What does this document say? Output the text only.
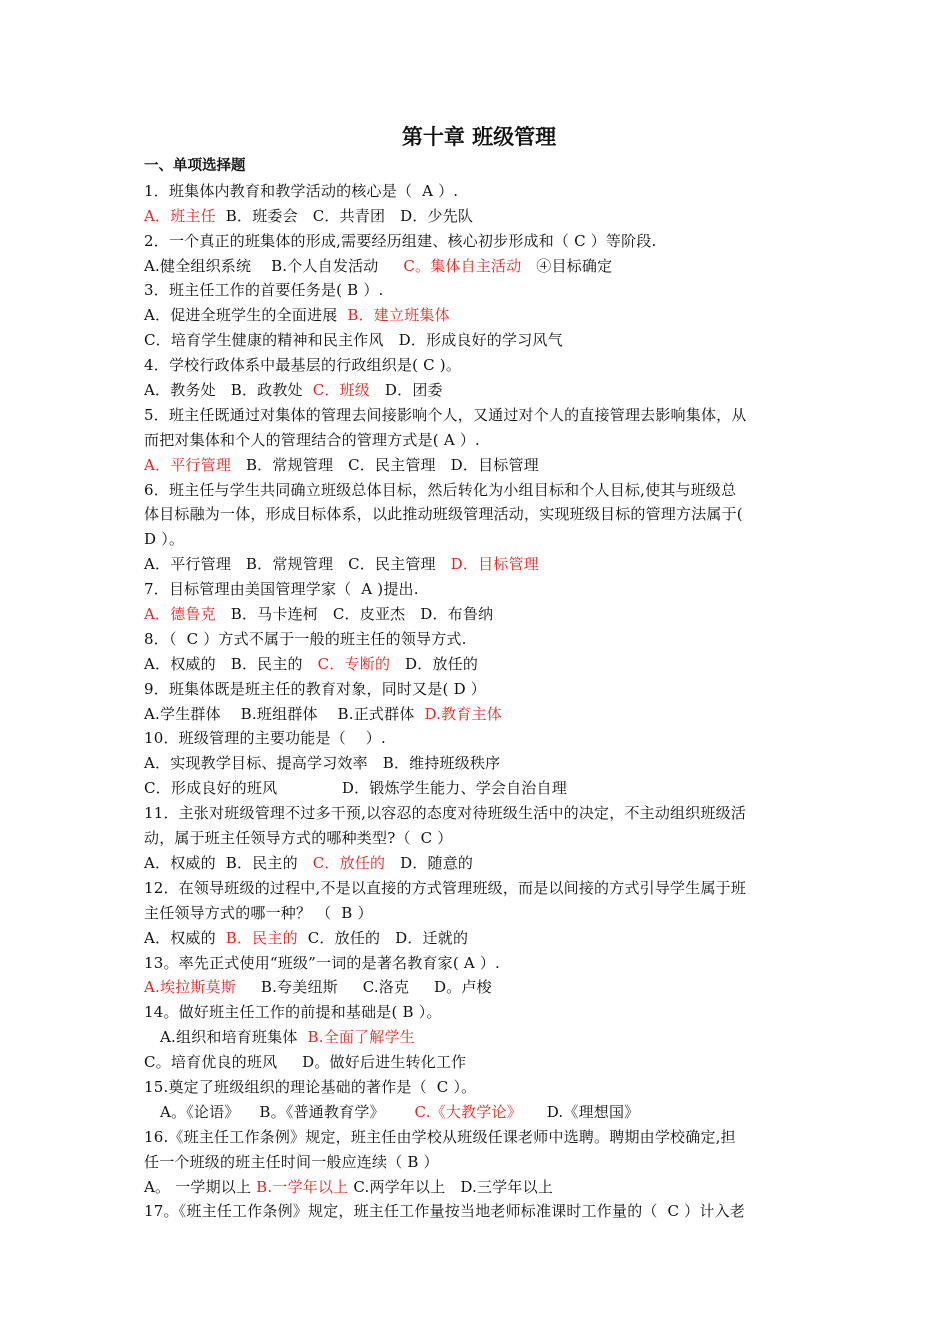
第十章 班级管理
一、单项选择题
1．班集体内教育和教学活动的核心是（  A ）.
A．班主任  B．班委会   C．共青团   D．少先队
2．一个真正的班集体的形成,需要经历组建、核心初步形成和（ C ）等阶段.
A.健全组织系统    B.个人自发活动     C。集体自主活动   ④目标确定
3．班主任工作的首要任务是( B ）.
A．促进全班学生的全面进展  B．建立班集体
C．培育学生健康的精神和民主作风   D．形成良好的学习风气
4．学校行政体系中最基层的行政组织是( C )。
A．教务处   B．政教处  C．班级   D．团委
5．班主任既通过对集体的管理去间接影响个人，又通过对个人的直接管理去影响集体，从
而把对集体和个人的管理结合的管理方式是( A ）.
A．平行管理   B．常规管理   C．民主管理   D．目标管理
6．班主任与学生共同确立班级总体目标，然后转化为小组目标和个人目标,使其与班级总
体目标融为一体，形成目标体系，以此推动班级管理活动，实现班级目标的管理方法属于(
D ）。
A．平行管理   B．常规管理   C．民主管理   D．目标管理
7．目标管理由美国管理学家（  A )提出.
A．德鲁克   B．马卡连柯   C．皮亚杰   D．布鲁纳
8．（  C ）方式不属于一般的班主任的领导方式.
A．权威的   B．民主的   C．专断的   D．放任的
9．班集体既是班主任的教育对象，同时又是( D ）
A.学生群体    B.班组群体    B.正式群体  D.教育主体
10．班级管理的主要功能是（    ）.
A．实现教学目标、提高学习效率   B．维持班级秩序
C．形成良好的班风             D．锻炼学生能力、学会自治自理
11．主张对班级管理不过多干预,以容忍的态度对待班级生活中的决定，不主动组织班级活
动，属于班主任领导方式的哪种类型?（  C ）
A．权威的  B．民主的   C．放任的   D．随意的
12．在领导班级的过程中,不是以直接的方式管理班级，而是以间接的方式引导学生属于班
主任领导方式的哪一种？ （  B ）
A．权威的  B．民主的  C．放任的   D．迁就的
13。率先正式使用“班级”一词的是著名教育家( A ）.
A.埃拉斯莫斯     B.夸美纽斯     C.洛克     D。卢梭
14。做好班主任工作的前提和基础是( B ）。
A.组织和培育班集体  B.全面了解学生
C。培育优良的班风     D。做好后进生转化工作
15.奠定了班级组织的理论基础的著作是（  C ）。
A。《论语》    B。《普通教育学》      C.《大教学论》     D.《理想国》
16.《班主任工作条例》规定，班主任由学校从班级任课老师中选聘。聘期由学校确定,担
任一个班级的班主任时间一般应连续（ B ）
A。 一学期以上 B.一学年以上 C.两学年以上   D.三学年以上
17。《班主任工作条例》规定，班主任工作量按当地老师标准课时工作量的（  C ）计入老
